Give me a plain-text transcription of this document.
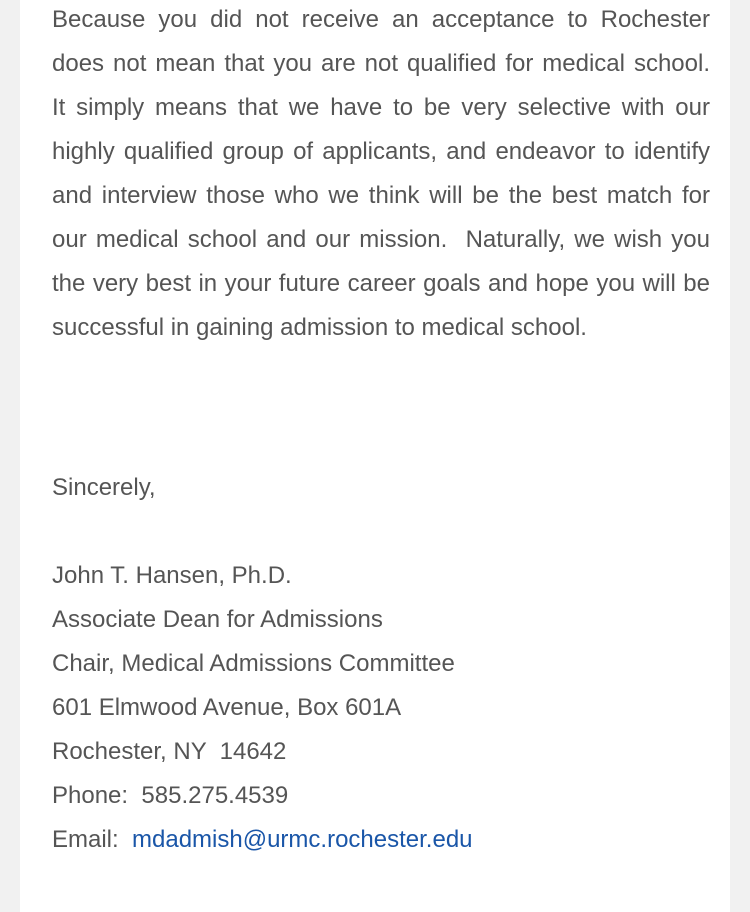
Because you did not receive an acceptance to Rochester does not mean that you are not qualified for medical school.  It simply means that we have to be very selective with our highly qualified group of applicants, and endeavor to identify and interview those who we think will be the best match for our medical school and our mission.  Naturally, we wish you the very best in your future career goals and hope you will be successful in gaining admission to medical school.

Sincerely,

John T. Hansen, Ph.D.
Associate Dean for Admissions
Chair, Medical Admissions Committee
601 Elmwood Avenue, Box 601A
Rochester, NY  14642
Phone:  585.275.4539
Email:  mdadmish@urmc.rochester.edu
